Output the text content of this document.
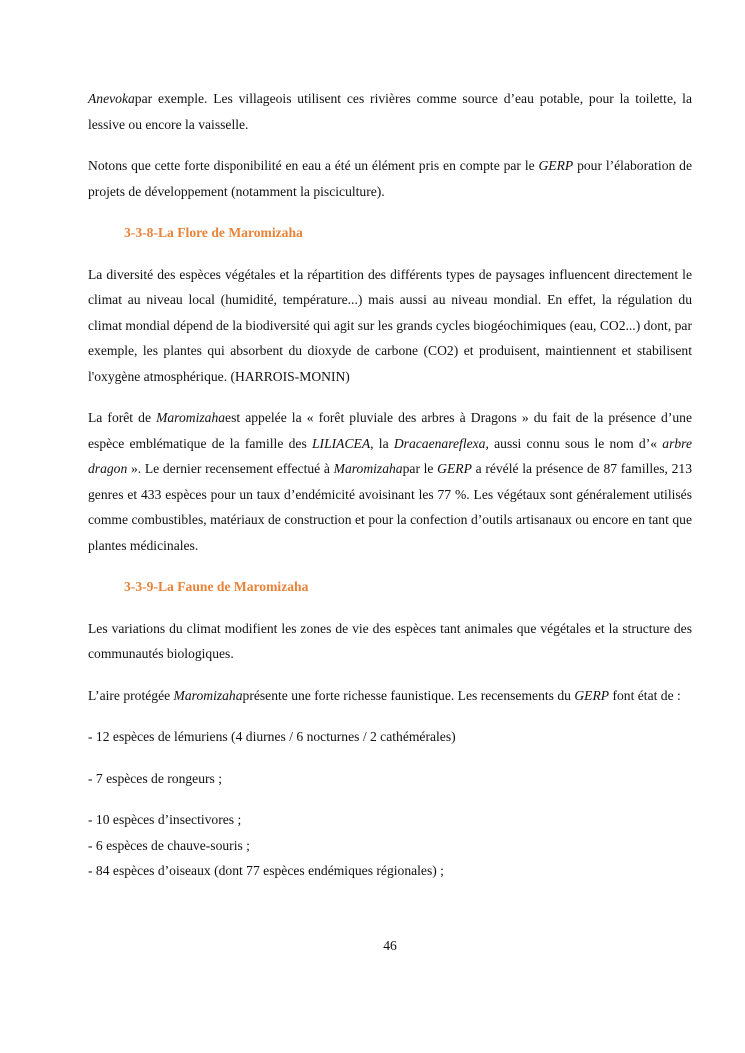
Anevokapar exemple. Les villageois utilisent ces rivières comme source d’eau potable, pour la toilette, la lessive ou encore la vaisselle.

Notons que cette forte disponibilité en eau a été un élément pris en compte par le GERP pour l’élaboration de projets de développement (notamment la pisciculture).

3-3-8-La Flore de Maromizaha

La diversité des espèces végétales et la répartition des différents types de paysages influencent directement le climat au niveau local (humidité, température...) mais aussi au niveau mondial. En effet, la régulation du climat mondial dépend de la biodiversité qui agit sur les grands cycles biogéochimiques (eau, CO2...) dont, par exemple, les plantes qui absorbent du dioxyde de carbone (CO2) et produisent, maintiennent et stabilisent l'oxygène atmosphérique. (HARROIS-MONIN)

La forêt de Maromizahaest appelée la « forêt pluviale des arbres à Dragons » du fait de la présence d’une espèce emblématique de la famille des LILIACEA, la Dracaenareflexa, aussi connu sous le nom d’« arbre dragon ». Le dernier recensement effectué à Maromizahapar le GERP a révélé la présence de 87 familles, 213 genres et 433 espèces pour un taux d’endémicité avoisinant les 77 %. Les végétaux sont généralement utilisés comme combustibles, matériaux de construction et pour la confection d’outils artisanaux ou encore en tant que plantes médicinales.

3-3-9-La Faune de Maromizaha

Les variations du climat modifient les zones de vie des espèces tant animales que végétales et la structure des communautés biologiques.

L’aire protégée Maromizahaprésente une forte richesse faunistique. Les recensements du GERP font état de :

- 12 espèces de lémuriens (4 diurnes / 6 nocturnes / 2 cathémérales)
- 7 espèces de rongeurs ;
- 10 espèces d’insectivores ;
- 6 espèces de chauve-souris ;
- 84 espèces d’oiseaux (dont 77 espèces endémiques régionales) ;
46
